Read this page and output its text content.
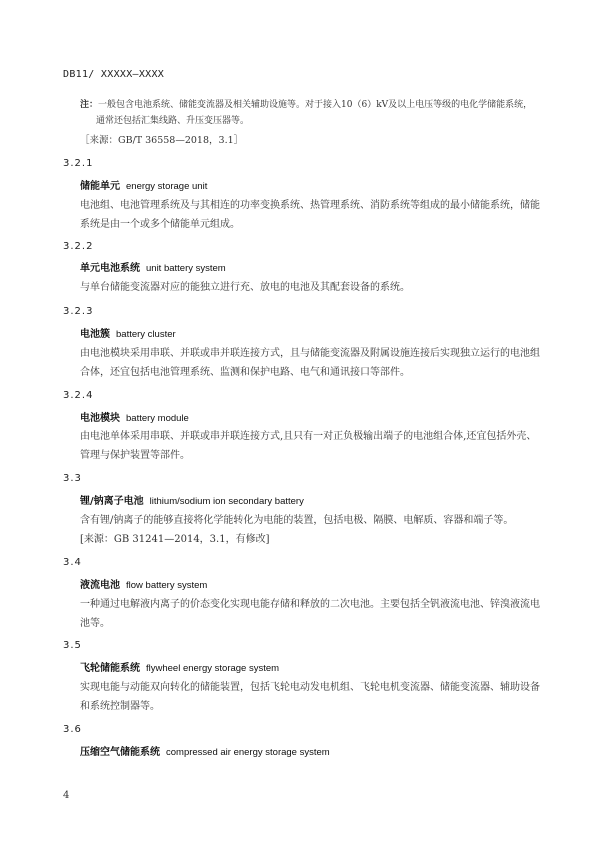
DB11/ XXXXX—XXXX
注：一般包含电池系统、储能变流器及相关辅助设施等。对于接入10（6）kV及以上电压等级的电化学储能系统，
通常还包括汇集线路、升压变压器等。
［来源：GB/T 36558—2018，3.1］
3.2.1
储能单元 energy storage unit
电池组、电池管理系统及与其相连的功率变换系统、热管理系统、消防系统等组成的最小储能系统，储能系统是由一个或多个储能单元组成。
3.2.2
单元电池系统 unit battery system
与单台储能变流器对应的能独立进行充、放电的电池及其配套设备的系统。
3.2.3
电池簇 battery cluster
由电池模块采用串联、并联或串并联连接方式，且与储能变流器及附属设施连接后实现独立运行的电池组合体，还宜包括电池管理系统、监测和保护电路、电气和通讯接口等部件。
3.2.4
电池模块 battery module
由电池单体采用串联、并联或串并联连接方式,且只有一对正负极输出端子的电池组合体,还宜包括外壳、管理与保护装置等部件。
3.3
锂/钠离子电池 lithium/sodium ion secondary battery
含有锂/钠离子的能够直接将化学能转化为电能的装置，包括电极、隔膜、电解质、容器和端子等。
[来源：GB 31241—2014，3.1，有修改]
3.4
液流电池 flow battery system
一种通过电解液内离子的价态变化实现电能存储和释放的二次电池。主要包括全钒液流电池、锌溴液流电池等。
3.5
飞轮储能系统 flywheel energy storage system
实现电能与动能双向转化的储能装置，包括飞轮电动发电机组、飞轮电机变流器、储能变流器、辅助设备和系统控制器等。
3.6
压缩空气储能系统 compressed air energy storage system
4
